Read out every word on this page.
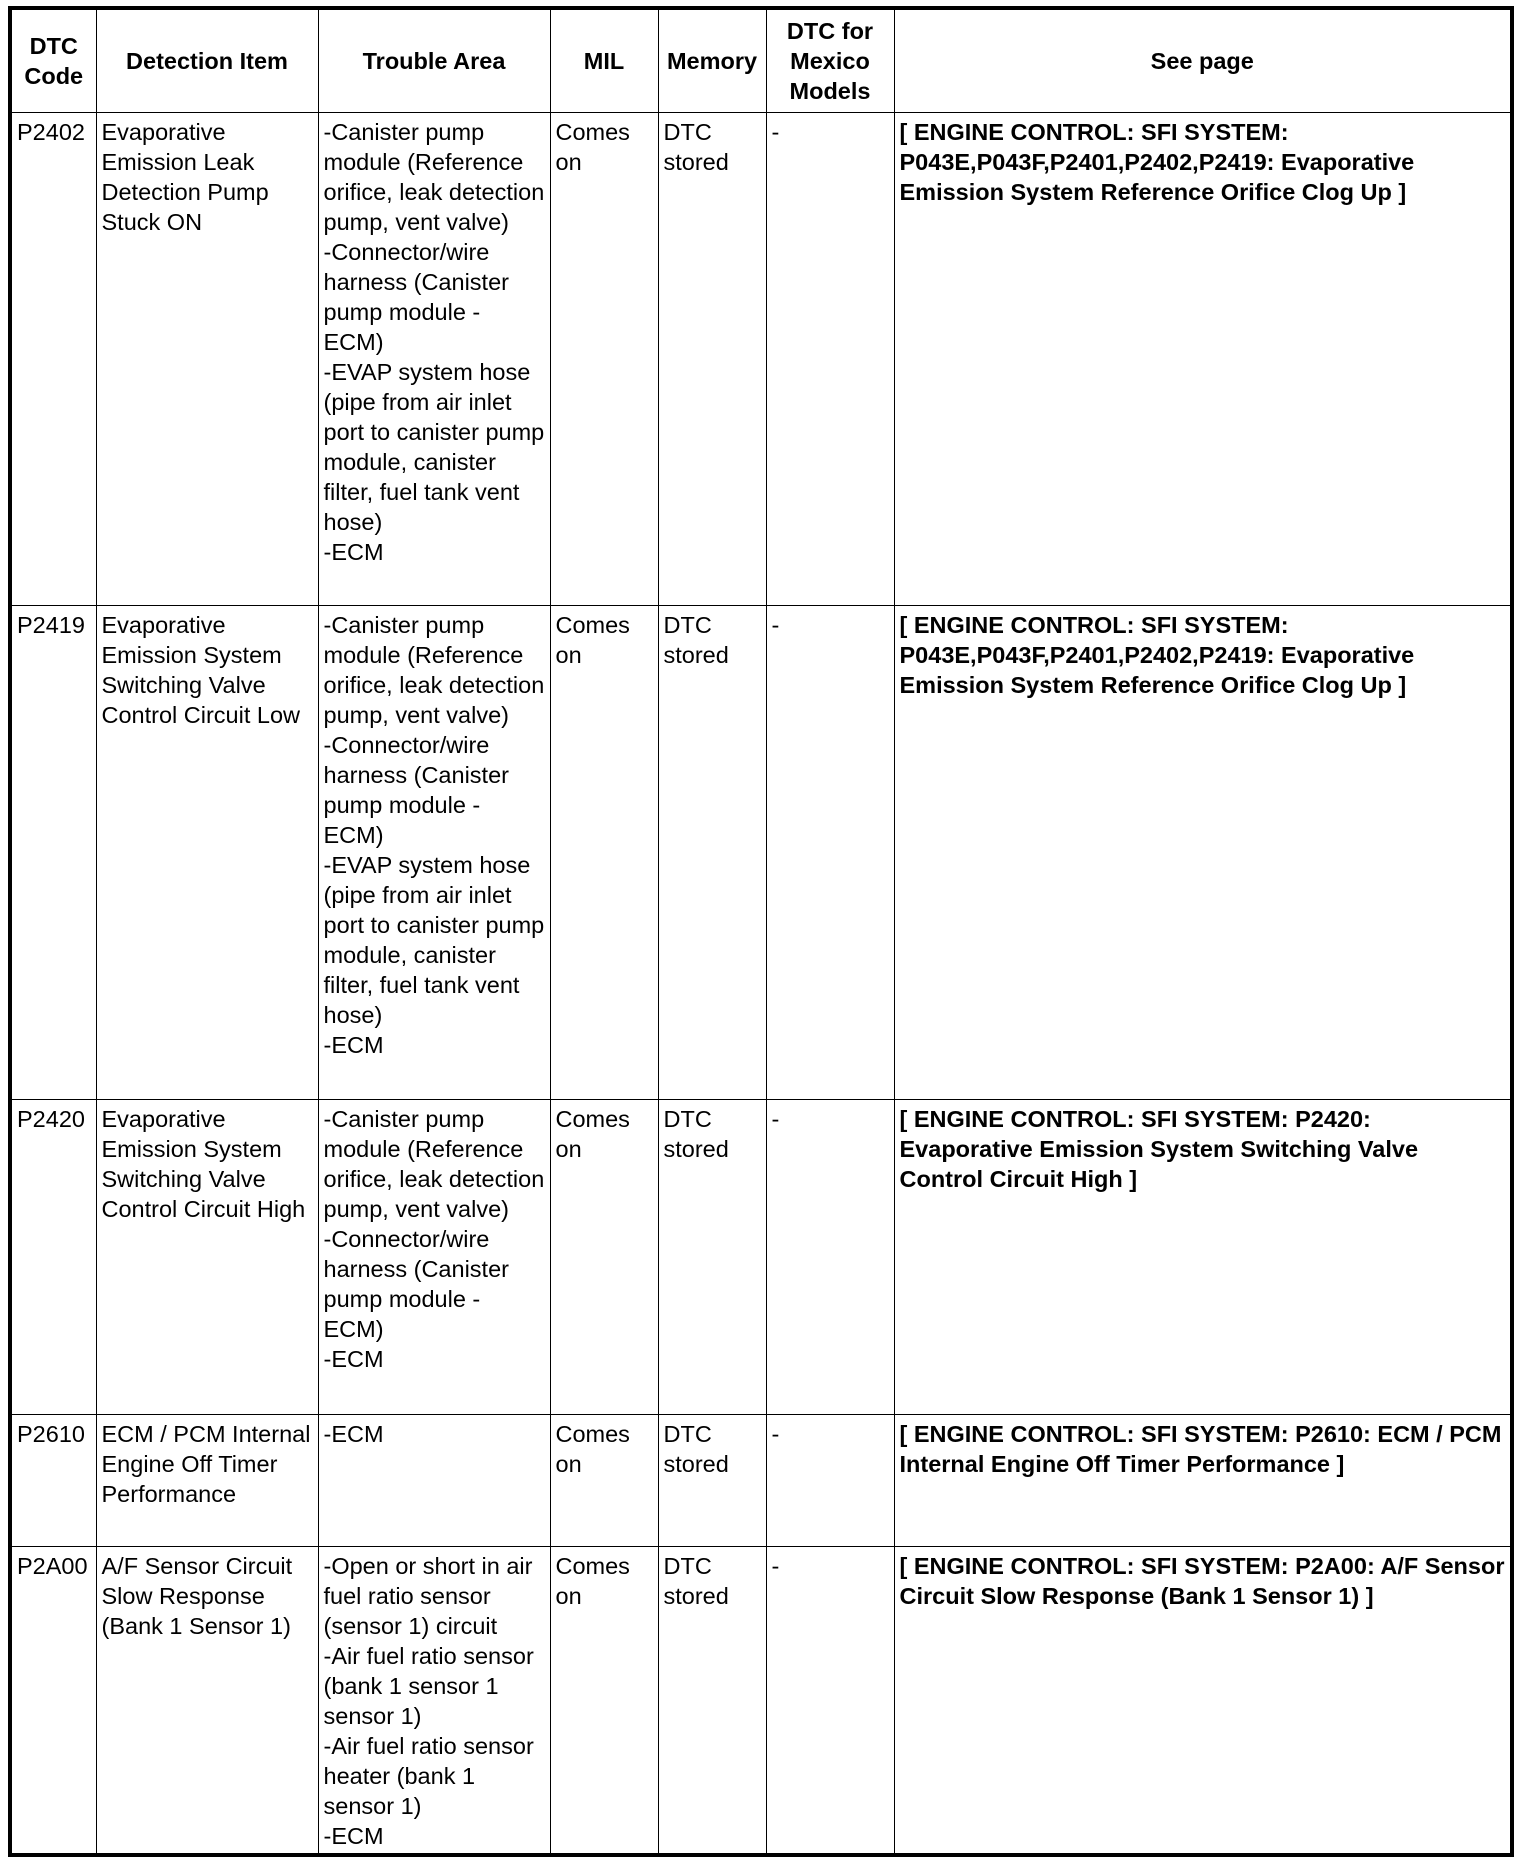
DTC Code	Detection Item	Trouble Area	MIL	Memory	DTC for Mexico Models	See page
P2402	Evaporative Emission Leak Detection Pump Stuck ON	-Canister pump module (Reference orifice, leak detection pump, vent valve)
-Connector/wire harness (Canister pump module - ECM)
-EVAP system hose (pipe from air inlet port to canister pump module, canister filter, fuel tank vent hose)
-ECM	Comes on	DTC stored	-	[ ENGINE CONTROL: SFI SYSTEM: P043E,P043F,P2401,P2402,P2419: Evaporative Emission System Reference Orifice Clog Up ]
P2419	Evaporative Emission System Switching Valve Control Circuit Low	-Canister pump module (Reference orifice, leak detection pump, vent valve)
-Connector/wire harness (Canister pump module - ECM)
-EVAP system hose (pipe from air inlet port to canister pump module, canister filter, fuel tank vent hose)
-ECM	Comes on	DTC stored	-	[ ENGINE CONTROL: SFI SYSTEM: P043E,P043F,P2401,P2402,P2419: Evaporative Emission System Reference Orifice Clog Up ]
P2420	Evaporative Emission System Switching Valve Control Circuit High	-Canister pump module (Reference orifice, leak detection pump, vent valve)
-Connector/wire harness (Canister pump module - ECM)
-ECM	Comes on	DTC stored	-	[ ENGINE CONTROL: SFI SYSTEM: P2420: Evaporative Emission System Switching Valve Control Circuit High ]
P2610	ECM / PCM Internal Engine Off Timer Performance	-ECM	Comes on	DTC stored	-	[ ENGINE CONTROL: SFI SYSTEM: P2610: ECM / PCM Internal Engine Off Timer Performance ]
P2A00	A/F Sensor Circuit Slow Response (Bank 1 Sensor 1)	-Open or short in air fuel ratio sensor (sensor 1) circuit
-Air fuel ratio sensor (bank 1 sensor 1 sensor 1)
-Air fuel ratio sensor heater (bank 1 sensor 1)
-ECM	Comes on	DTC stored	-	[ ENGINE CONTROL: SFI SYSTEM: P2A00: A/F Sensor Circuit Slow Response (Bank 1 Sensor 1) ]
